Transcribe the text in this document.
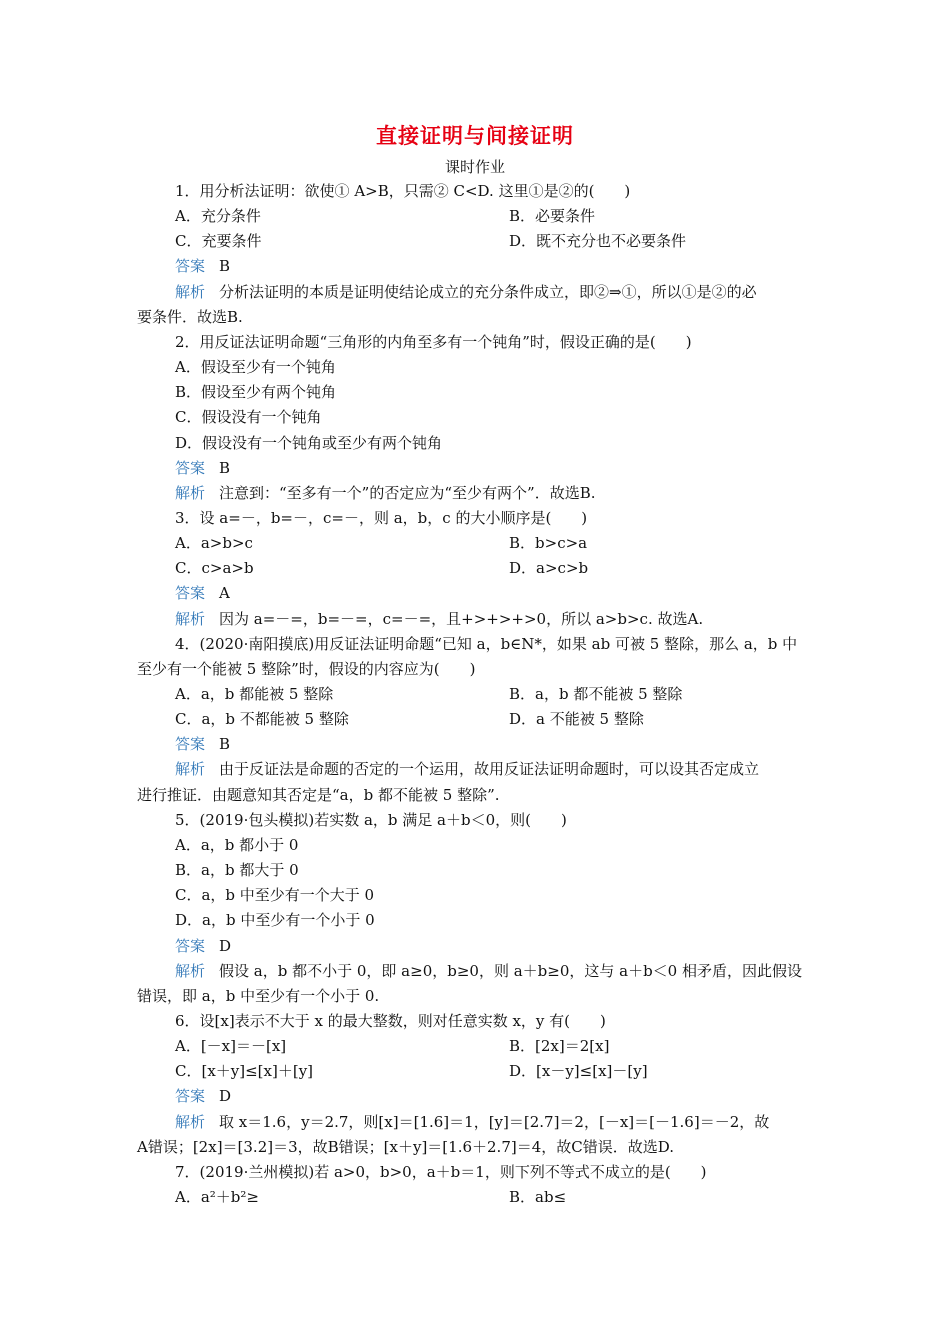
直接证明与间接证明
课时作业
1．用分析法证明：欲使① A>B，只需② C<D. 这里①是②的(　　)
A．充分条件	B．必要条件
C．充要条件	D．既不充分也不必要条件
答案 B
解析 分析法证明的本质是证明使结论成立的充分条件成立，即②⇒①，所以①是②的必
要条件．故选B.
2．用反证法证明命题“三角形的内角至多有一个钝角”时，假设正确的是(　　)
A．假设至少有一个钝角
B．假设至少有两个钝角
C．假设没有一个钝角
D．假设没有一个钝角或至少有两个钝角
答案 B
解析 注意到：“至多有一个”的否定应为“至少有两个”．故选B.
3．设 a=－，b=－，c=－，则 a，b，c 的大小顺序是(　　)
A．a>b>c	B．b>c>a
C．c>a>b	D．a>c>b
答案 A
解析 因为 a=－=，b=－=，c=－=，且+>+>+>0，所以 a>b>c. 故选A.
4．(2020·南阳摸底)用反证法证明命题“已知 a，b∈N*，如果 ab 可被 5 整除，那么 a，b 中
至少有一个能被 5 整除”时，假设的内容应为(　　)
A．a，b 都能被 5 整除	B．a，b 都不能被 5 整除
C．a，b 不都能被 5 整除	D．a 不能被 5 整除
答案 B
解析 由于反证法是命题的否定的一个运用，故用反证法证明命题时，可以设其否定成立
进行推证．由题意知其否定是“a，b 都不能被 5 整除”.
5．(2019·包头模拟)若实数 a，b 满足 a＋b＜0，则(　　)
A．a，b 都小于 0
B．a，b 都大于 0
C．a，b 中至少有一个大于 0
D．a，b 中至少有一个小于 0
答案 D
解析 假设 a，b 都不小于 0，即 a≥0，b≥0，则 a＋b≥0，这与 a＋b＜0 相矛盾，因此假设
错误，即 a，b 中至少有一个小于 0.
6．设[x]表示不大于 x 的最大整数，则对任意实数 x，y 有(　　)
A．[－x]＝－[x]	B．[2x]＝2[x]
C．[x＋y]≤[x]＋[y]	D．[x－y]≤[x]－[y]
答案 D
解析 取 x＝1.6，y＝2.7，则[x]＝[1.6]＝1，[y]＝[2.7]＝2，[－x]＝[－1.6]＝－2，故
A错误；[2x]＝[3.2]＝3，故B错误；[x＋y]＝[1.6＋2.7]＝4，故C错误．故选D.
7．(2019·兰州模拟)若 a>0，b>0，a＋b＝1，则下列不等式不成立的是(　　)
A．a²＋b²≥	B．ab≤
